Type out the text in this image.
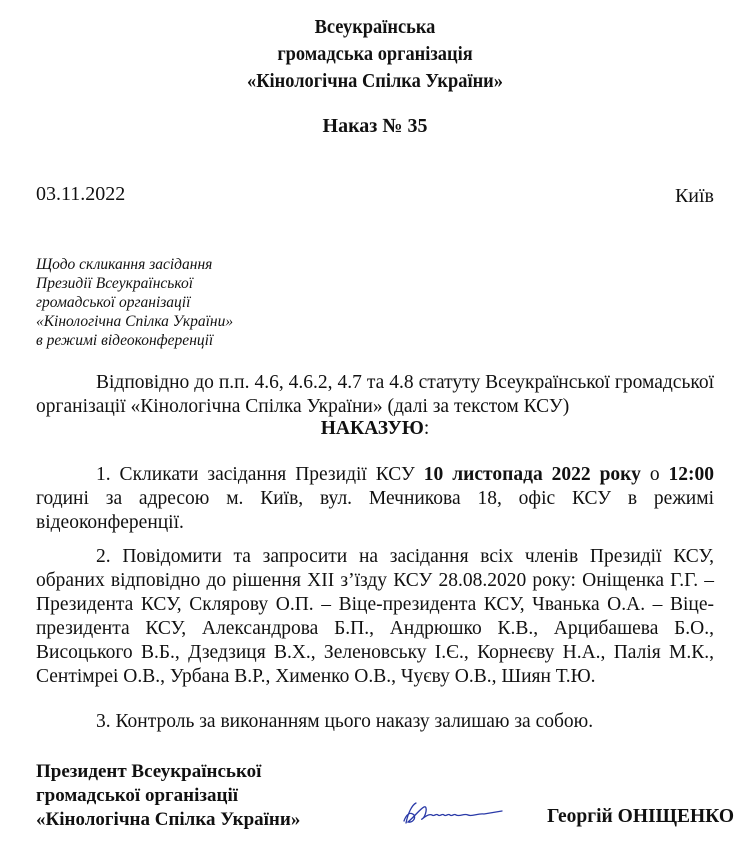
Всеукраїнська
громадська організація
«Кінологічна Спілка України»
Наказ № 35
03.11.2022	Київ
Щодо скликання засідання
Президії Всеукраїнської
громадської організації
«Кінологічна Спілка України»
в режимі відеоконференції
Відповідно до п.п. 4.6, 4.6.2, 4.7 та 4.8 статуту Всеукраїнської громадської організації «Кінологічна Спілка України» (далі за текстом КСУ)
НАКАЗУЮ:
1. Скликати засідання Президії КСУ 10 листопада 2022 року о 12:00 годині за адресою м. Київ, вул. Мечникова 18, офіс КСУ в режимі відеоконференції.
2. Повідомити та запросити на засідання всіх членів Президії КСУ, обраних відповідно до рішення XII з’їзду КСУ 28.08.2020 року: Оніщенка Г.Г. – Президента КСУ, Склярову О.П. – Віце-президента КСУ, Чванька О.А. – Віце-президента КСУ, Александрова Б.П., Андрюшко К.В., Арцибашева Б.О., Висоцького В.Б., Дзедзиця В.Х., Зеленовську І.Є., Корнеєву Н.А., Палія М.К., Сентімреі О.В., Урбана В.Р., Хименко О.В., Чуєву О.В., Шиян Т.Ю.
3. Контроль за виконанням цього наказу залишаю за собою.
Президент Всеукраїнської
громадської організації
«Кінологічна Спілка України»	Георгій ОНІЩЕНКО
